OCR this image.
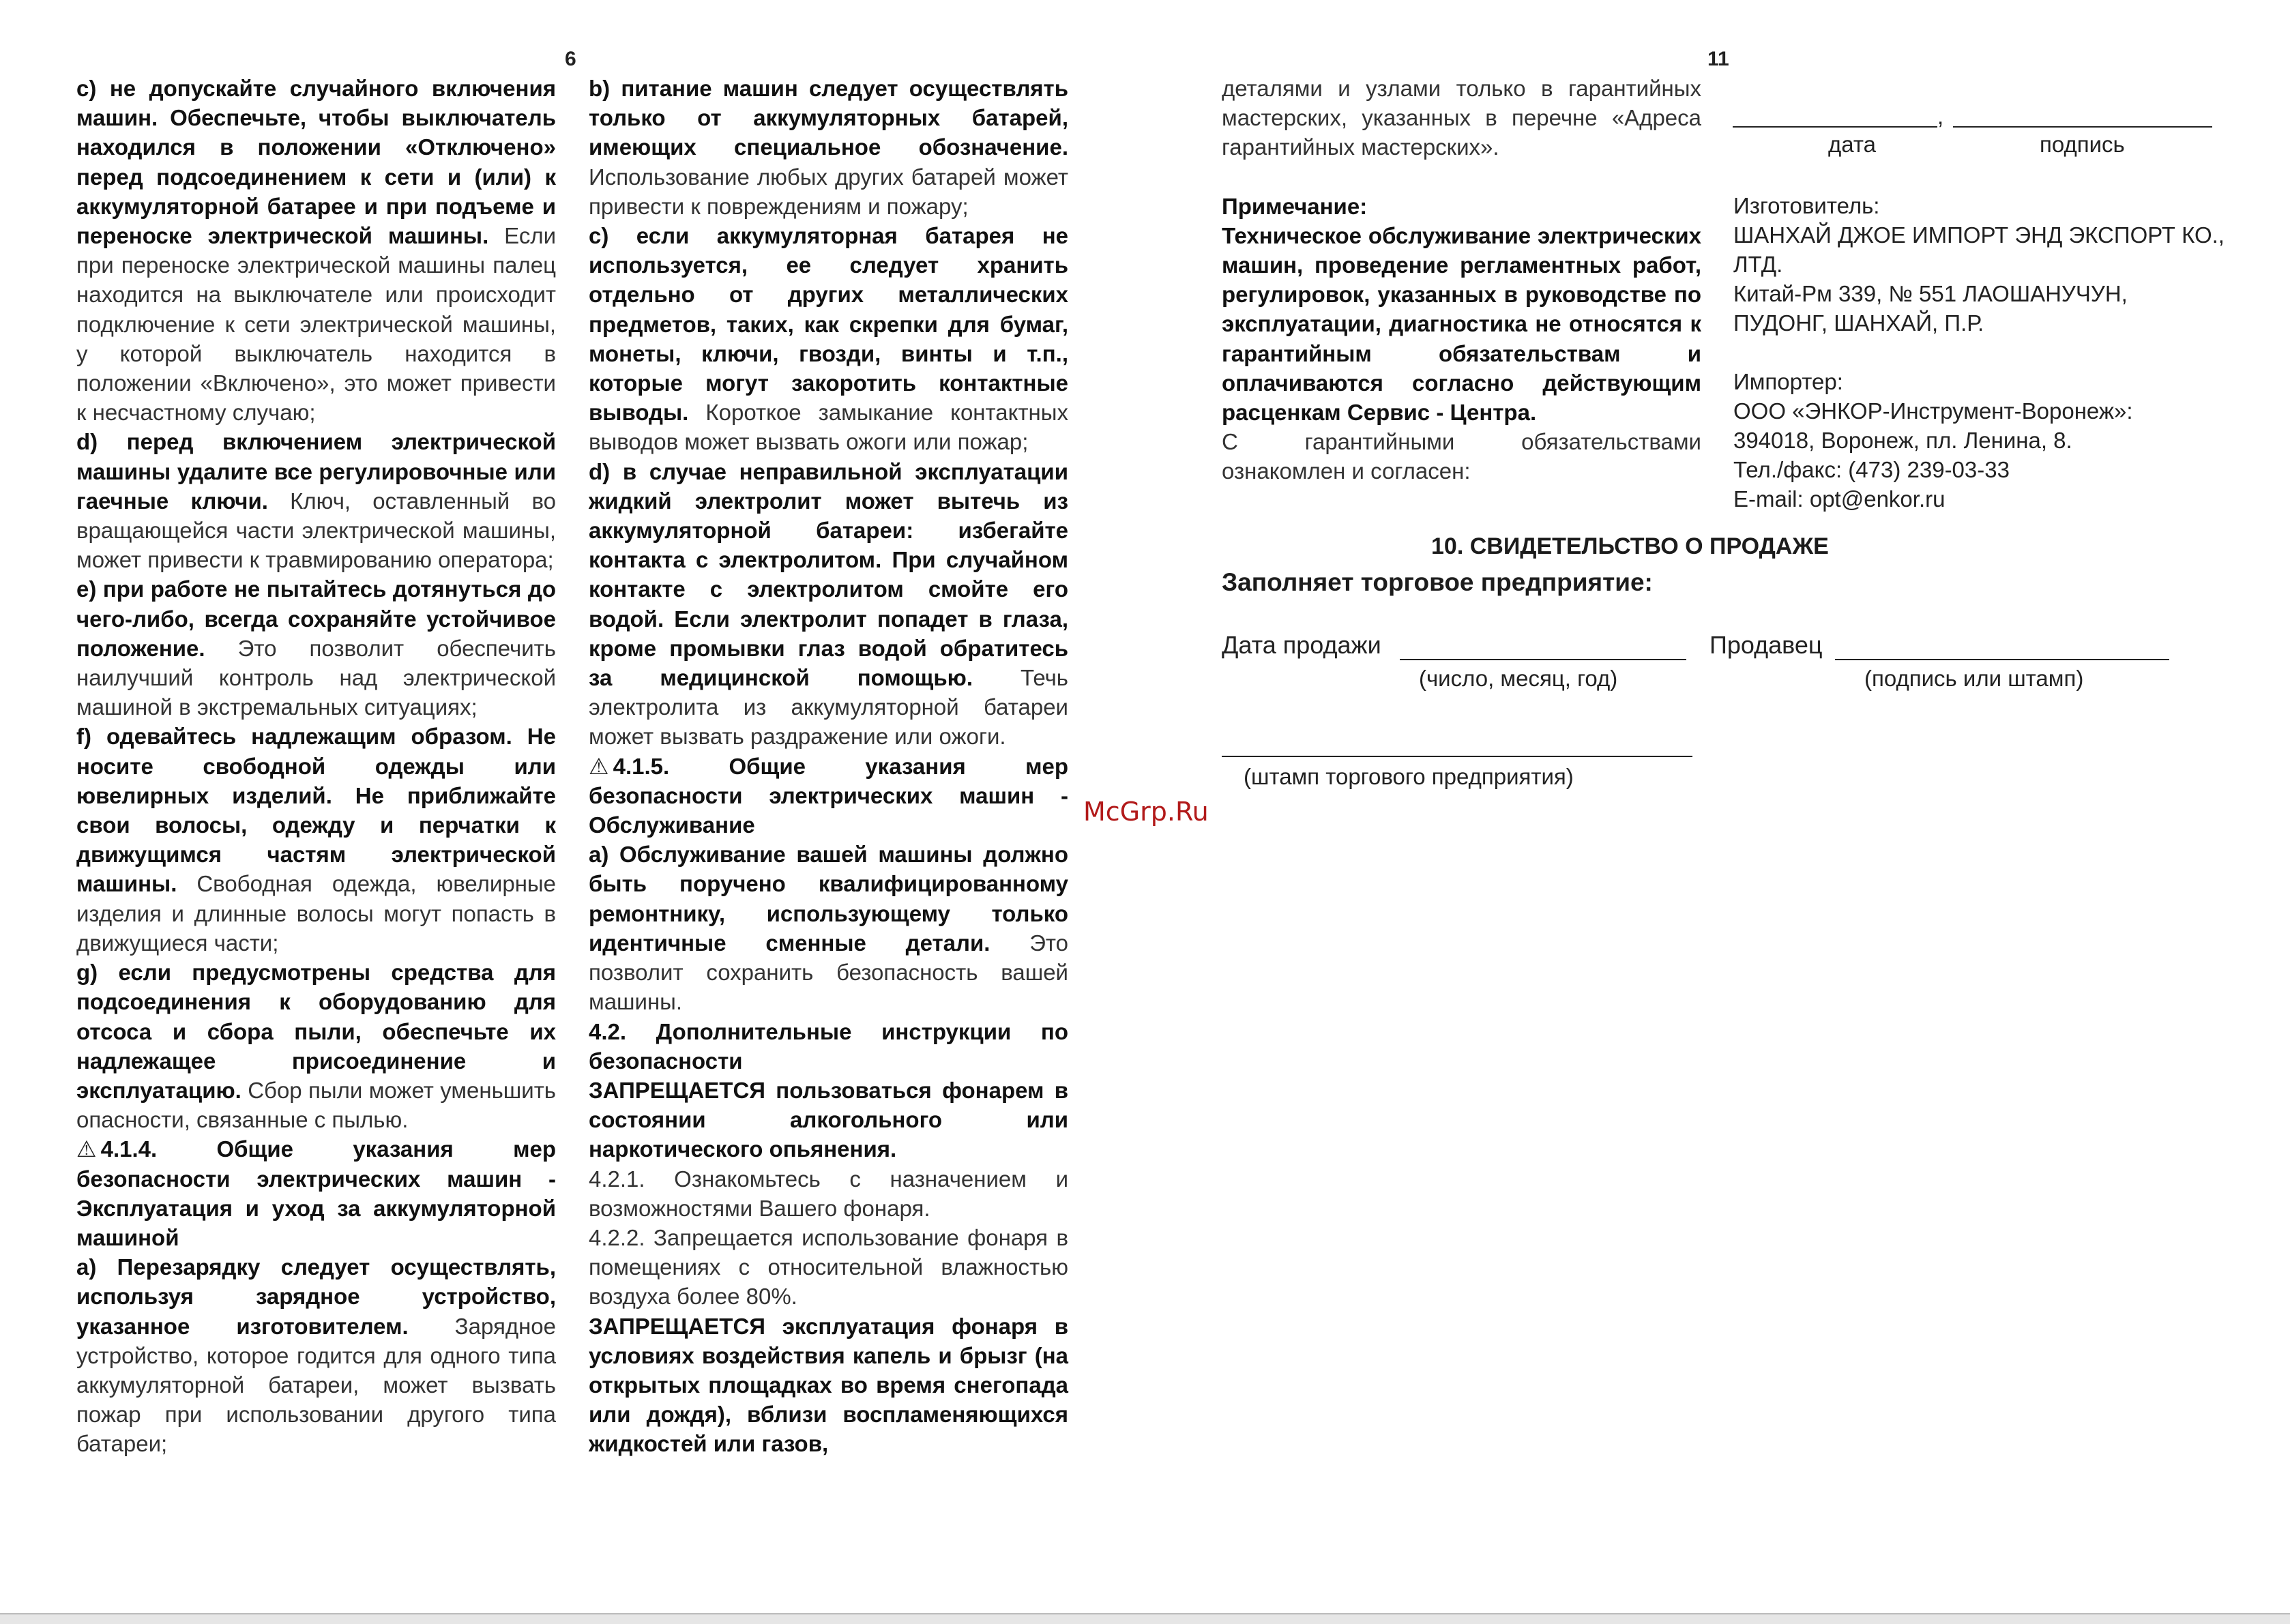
6	11

c) не допускайте случайного включения машин. Обеспечьте, чтобы выключатель находился в положении «Отключено» перед подсоединением к сети и (или) к аккумуляторной батарее и при подъеме и переноске электрической машины. Если при переноске электрической машины палец находится на выключателе или происходит подключение к сети электрической машины, у которой выключатель находится в положении «Включено», это может привести к несчастному случаю;

d) перед включением электрической машины удалите все регулировочные или гаечные ключи. Ключ, оставленный во вращающейся части электрической машины, может привести к травмированию оператора;

e) при работе не пытайтесь дотянуться до чего-либо, всегда сохраняйте устойчивое положение. Это позволит обеспечить наилучший контроль над электрической машиной в экстремальных ситуациях;

f) одевайтесь надлежащим образом. Не носите свободной одежды или ювелирных изделий. Не приближайте свои волосы, одежду и перчатки к движущимся частям электрической машины. Свободная одежда, ювелирные изделия и длинные волосы могут попасть в движущиеся части;

g) если предусмотрены средства для подсоединения к оборудованию для отсоса и сбора пыли, обеспечьте их надлежащее присоединение и эксплуатацию. Сбор пыли может уменьшить опасности, связанные с пылью.

⚠ 4.1.4. Общие указания мер безопасности электрических машин - Эксплуатация и уход за аккумуляторной машиной

a) Перезарядку следует осуществлять, используя зарядное устройство, указанное изготовителем. Зарядное устройство, которое годится для одного типа аккумуляторной батареи, может вызвать пожар при использовании другого типа батареи;

b) питание машин следует осуществлять только от аккумуляторных батарей, имеющих специальное обозначение. Использование любых других батарей может привести к повреждениям и пожару;

c) если аккумуляторная батарея не используется, ее следует хранить отдельно от других металлических предметов, таких, как скрепки для бумаг, монеты, ключи, гвозди, винты и т.п., которые могут закоротить контактные выводы. Короткое замыкание контактных выводов может вызвать ожоги или пожар;

d) в случае неправильной эксплуатации жидкий электролит может вытечь из аккумуляторной батареи: избегайте контакта с электролитом. При случайном контакте с электролитом смойте его водой. Если электролит попадет в глаза, кроме промывки глаз водой обратитесь за медицинской помощью. Течь электролита из аккумуляторной батареи может вызвать раздражение или ожоги.

⚠ 4.1.5. Общие указания мер безопасности электрических машин - Обслуживание

a) Обслуживание вашей машины должно быть поручено квалифицированному ремонтнику, использующему только идентичные сменные детали. Это позволит сохранить безопасность вашей машины.

4.2. Дополнительные инструкции по безопасности

ЗАПРЕЩАЕТСЯ пользоваться фонарем в состоянии алкогольного или наркотического опьянения.

4.2.1. Ознакомьтесь с назначением и возможностями Вашего фонаря.

4.2.2. Запрещается использование фонаря в помещениях с относительной влажностью воздуха более 80%.

ЗАПРЕЩАЕТСЯ эксплуатация фонаря в условиях воздействия капель и брызг (на открытых площадках во время снегопада или дождя), вблизи воспламеняющихся жидкостей или газов,

McGrp.Ru

деталями и узлами только в гарантийных мастерских, указанных в перечне «Адреса гарантийных мастерских».

Примечание:

Техническое обслуживание электрических машин, проведение регламентных работ, регулировок, указанных в руководстве по эксплуатации, диагностика не относятся к гарантийным обязательствам и оплачиваются согласно действующим расценкам Сервис - Центра.

С гарантийными обязательствами ознакомлен и согласен:

,
дата	подпись

Изготовитель:

ШАНХАЙ ДЖОЕ ИМПОРТ ЭНД ЭКСПОРТ КО., ЛТД.

Китай-Рм 339, № 551 ЛАОШАНУЧУН, ПУДОНГ, ШАНХАЙ, П.Р.

Импортер:

ООО «ЭНКОР-Инструмент-Воронеж»:

394018, Воронеж, пл. Ленина, 8.

Тел./факс: (473) 239-03-33

E-mail: opt@enkor.ru

10. СВИДЕТЕЛЬСТВО О ПРОДАЖЕ
Заполняет торговое предприятие:
Дата продажи
(число, месяц, год)
Продавец
(подпись или штамп)
(штамп торгового предприятия)
